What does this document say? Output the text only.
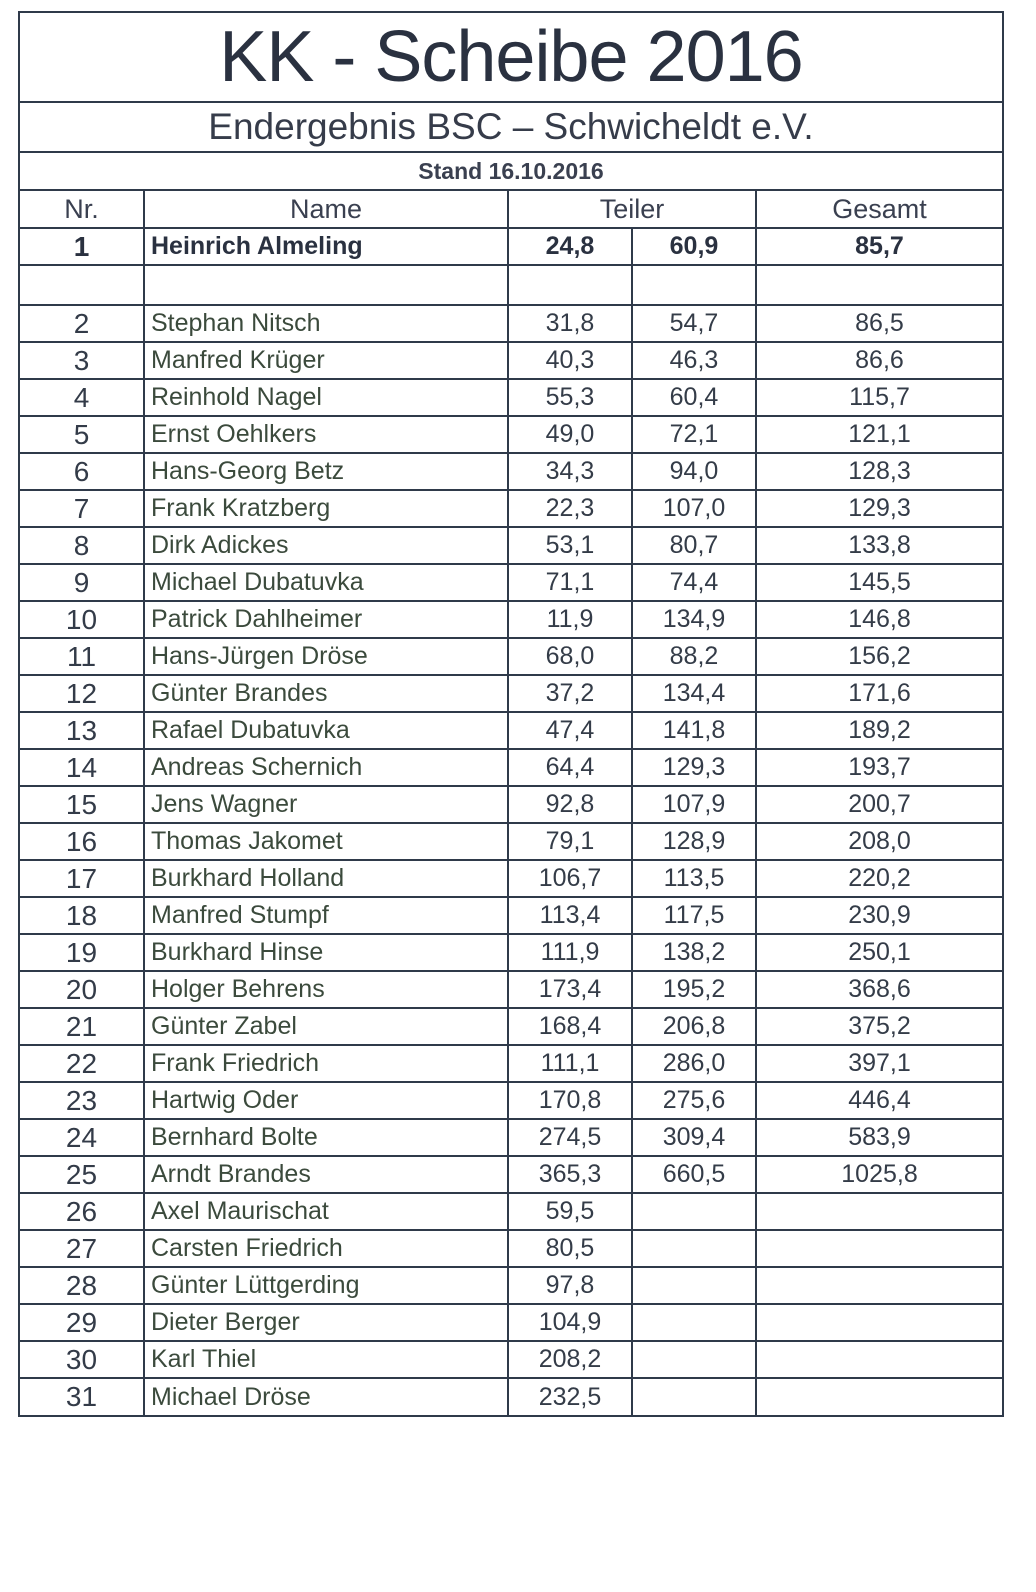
KK - Scheibe 2016
Endergebnis BSC – Schwicheldt e.V.
Stand 16.10.2016
Nr.	Name	Teiler		Gesamt
1	Heinrich Almeling	24,8	60,9	85,7

2	Stephan Nitsch	31,8	54,7	86,5
3	Manfred Krüger	40,3	46,3	86,6
4	Reinhold Nagel	55,3	60,4	115,7
5	Ernst Oehlkers	49,0	72,1	121,1
6	Hans-Georg Betz	34,3	94,0	128,3
7	Frank Kratzberg	22,3	107,0	129,3
8	Dirk Adickes	53,1	80,7	133,8
9	Michael Dubatuvka	71,1	74,4	145,5
10	Patrick Dahlheimer	11,9	134,9	146,8
11	Hans-Jürgen Dröse	68,0	88,2	156,2
12	Günter Brandes	37,2	134,4	171,6
13	Rafael Dubatuvka	47,4	141,8	189,2
14	Andreas Schernich	64,4	129,3	193,7
15	Jens Wagner	92,8	107,9	200,7
16	Thomas Jakomet	79,1	128,9	208,0
17	Burkhard Holland	106,7	113,5	220,2
18	Manfred Stumpf	113,4	117,5	230,9
19	Burkhard Hinse	111,9	138,2	250,1
20	Holger Behrens	173,4	195,2	368,6
21	Günter Zabel	168,4	206,8	375,2
22	Frank Friedrich	111,1	286,0	397,1
23	Hartwig Oder	170,8	275,6	446,4
24	Bernhard Bolte	274,5	309,4	583,9
25	Arndt Brandes	365,3	660,5	1025,8
26	Axel Maurischat	59,5		
27	Carsten Friedrich	80,5		
28	Günter Lüttgerding	97,8		
29	Dieter Berger	104,9		
30	Karl Thiel	208,2		
31	Michael Dröse	232,5		
